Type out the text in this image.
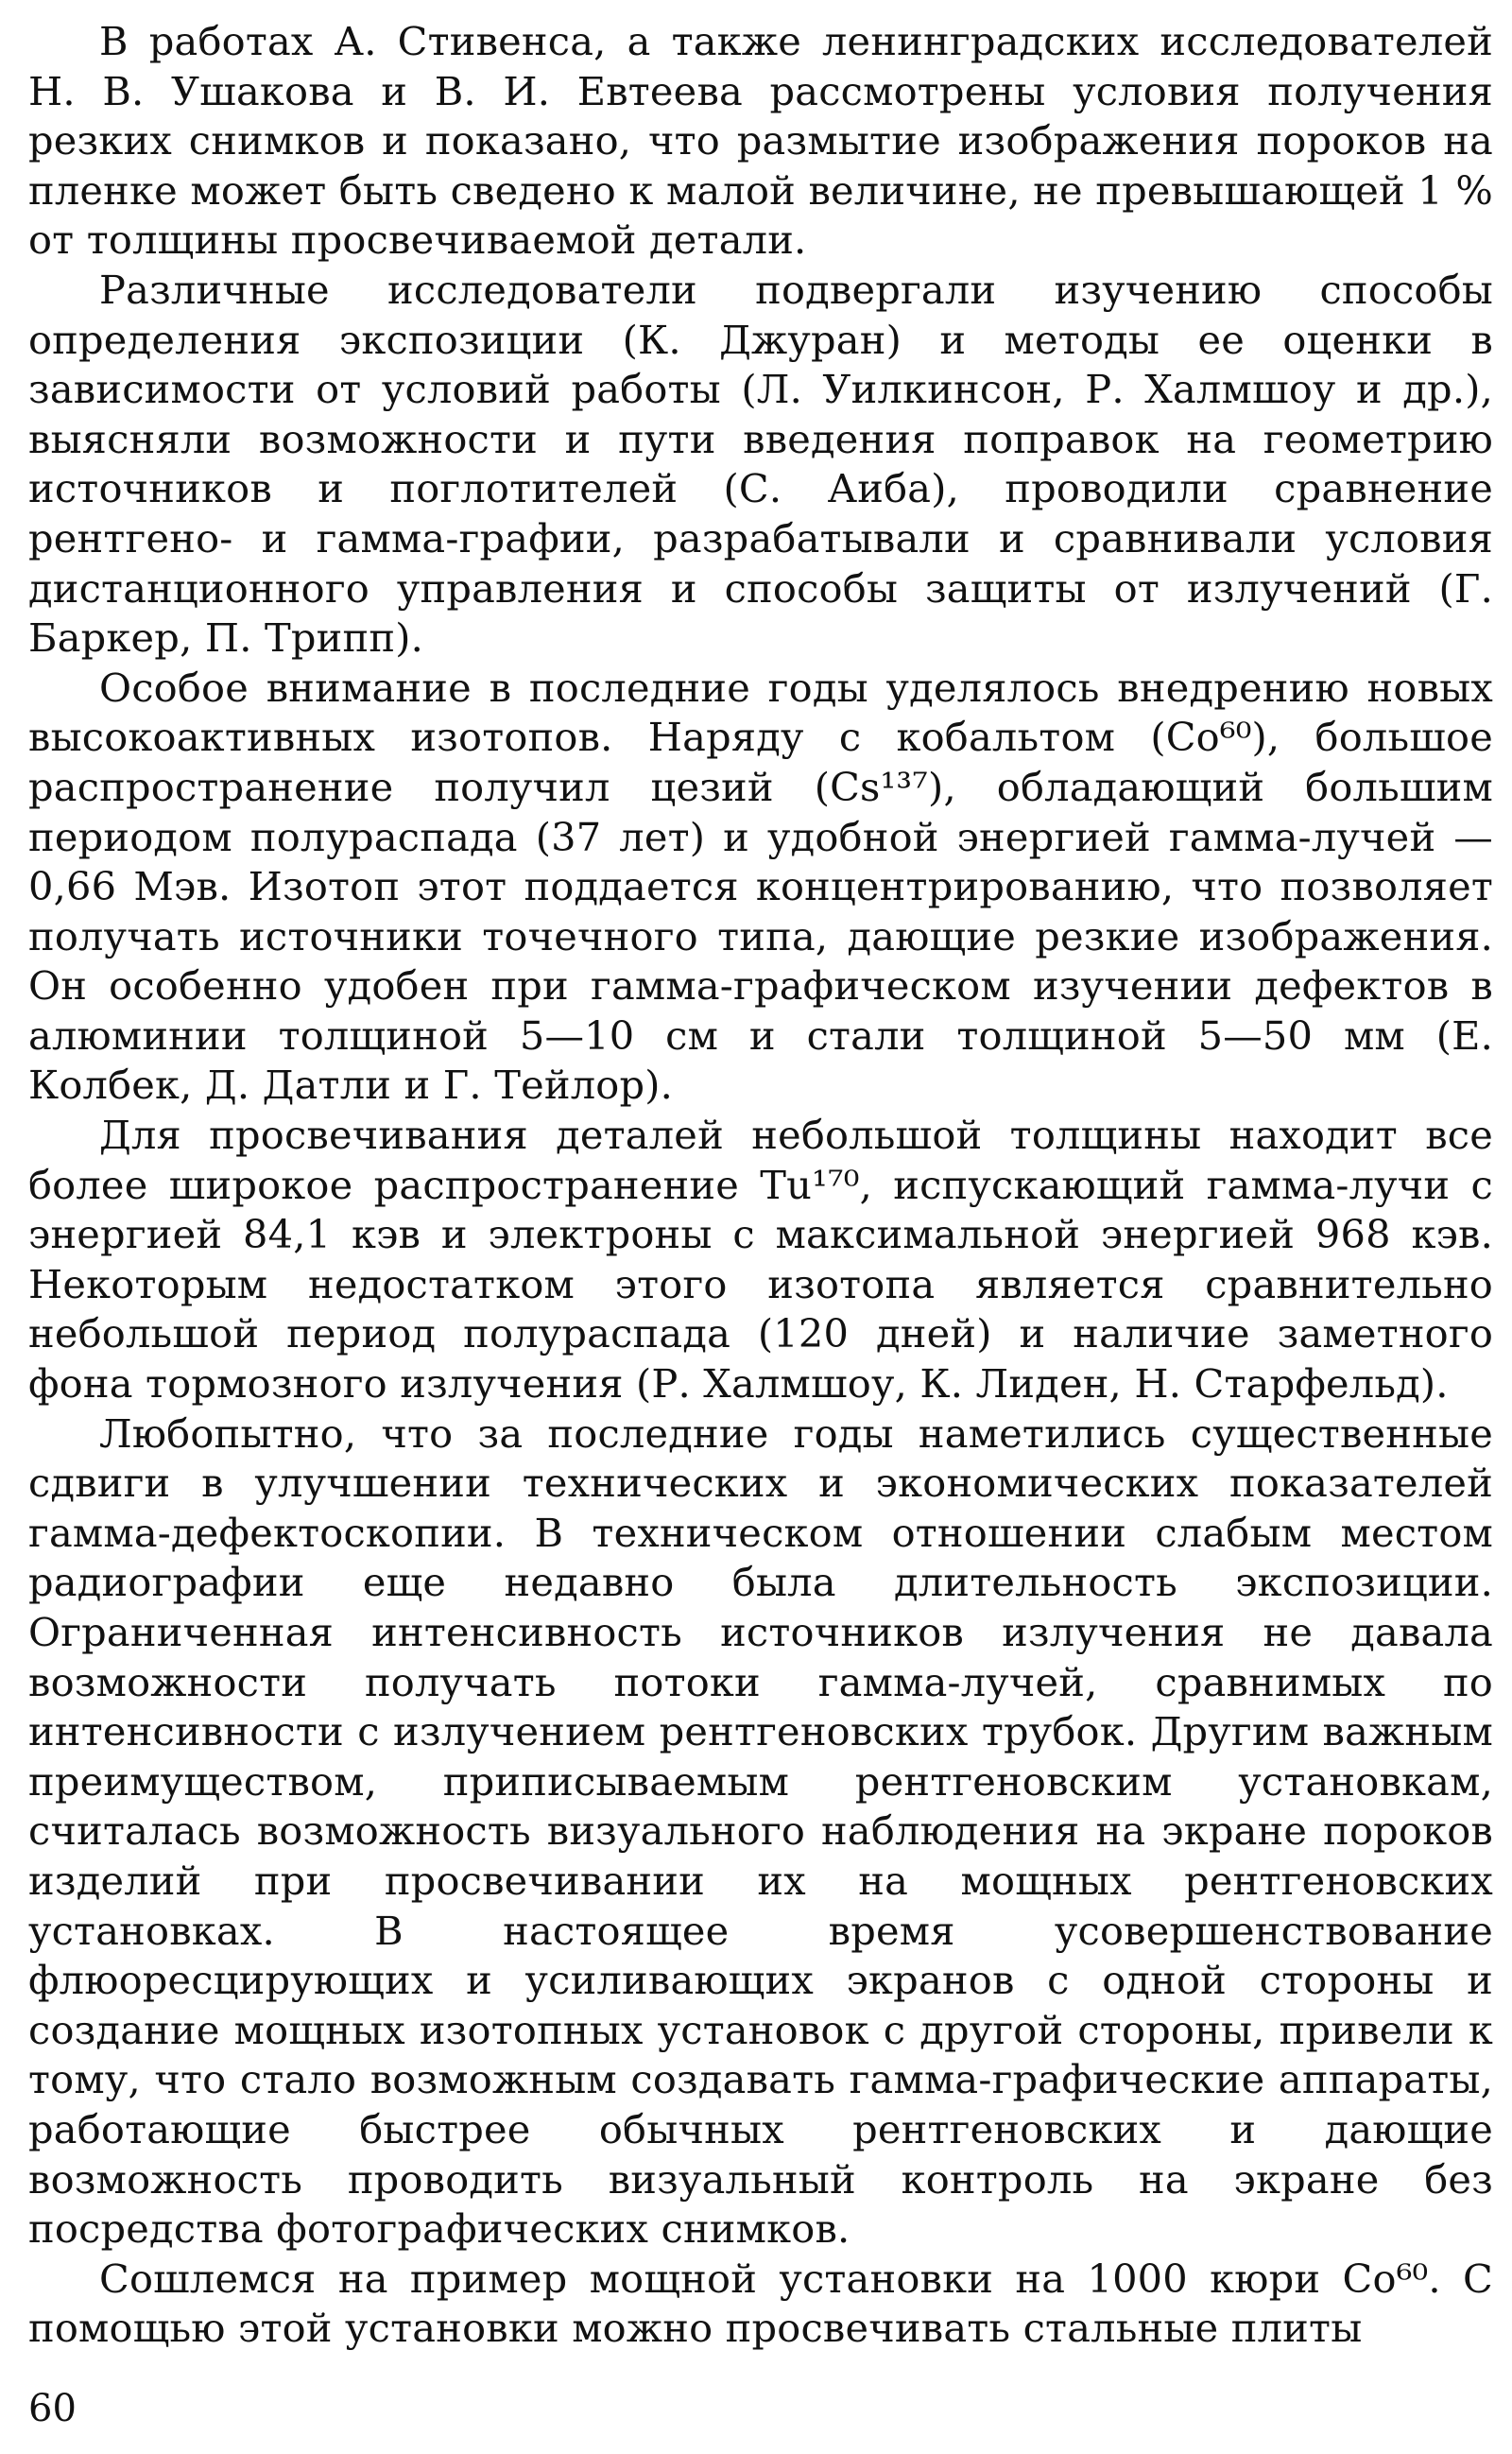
В работах А. Стивенса, а также ленинградских исследователей Н. В. Ушакова и В. И. Евтеева рассмотрены условия получения резких снимков и показано, что размытие изображения пороков на пленке может быть сведено к малой величине, не превышающей 1 % от толщины просвечиваемой детали.

Различные исследователи подвергали изучению способы определения экспозиции (К. Джуран) и методы ее оценки в зависимости от условий работы (Л. Уилкинсон, Р. Халмшоу и др.), выясняли возможности и пути введения поправок на геометрию источников и поглотителей (С. Аиба), проводили сравнение рентгено- и гамма-графии, разрабатывали и сравнивали условия дистанционного управления и способы защиты от излучений (Г. Баркер, П. Трипп).

Особое внимание в последние годы уделялось внедрению новых высокоактивных изотопов. Наряду с кобальтом (Co⁶⁰), большое распространение получил цезий (Cs¹³⁷), обладающий большим периодом полураспада (37 лет) и удобной энергией гамма-лучей — 0,66 Мэв. Изотоп этот поддается концентрированию, что позволяет получать источники точечного типа, дающие резкие изображения. Он особенно удобен при гамма-графическом изучении дефектов в алюминии толщиной 5—10 см и стали толщиной 5—50 мм (Е. Колбек, Д. Датли и Г. Тейлор).

Для просвечивания деталей небольшой толщины находит все более широкое распространение Tu¹⁷⁰, испускающий гамма-лучи с энергией 84,1 кэв и электроны с максимальной энергией 968 кэв. Некоторым недостатком этого изотопа является сравнительно небольшой период полураспада (120 дней) и наличие заметного фона тормозного излучения (Р. Халмшоу, К. Лиден, Н. Старфельд).

Любопытно, что за последние годы наметились существенные сдвиги в улучшении технических и экономических показателей гамма-дефектоскопии. В техническом отношении слабым местом радиографии еще недавно была длительность экспозиции. Ограниченная интенсивность источников излучения не давала возможности получать потоки гамма-лучей, сравнимых по интенсивности с излучением рентгеновских трубок. Другим важным преимуществом, приписываемым рентгеновским установкам, считалась возможность визуального наблюдения на экране пороков изделий при просвечивании их на мощных рентгеновских установках. В настоящее время усовершенствование флюоресцирующих и усиливающих экранов с одной стороны и создание мощных изотопных установок с другой стороны, привели к тому, что стало возможным создавать гамма-графические аппараты, работающие быстрее обычных рентгеновских и дающие возможность проводить визуальный контроль на экране без посредства фотографических снимков.

Сошлемся на пример мощной установки на 1000 кюри Co⁶⁰. С помощью этой установки можно просвечивать стальные плиты

60
